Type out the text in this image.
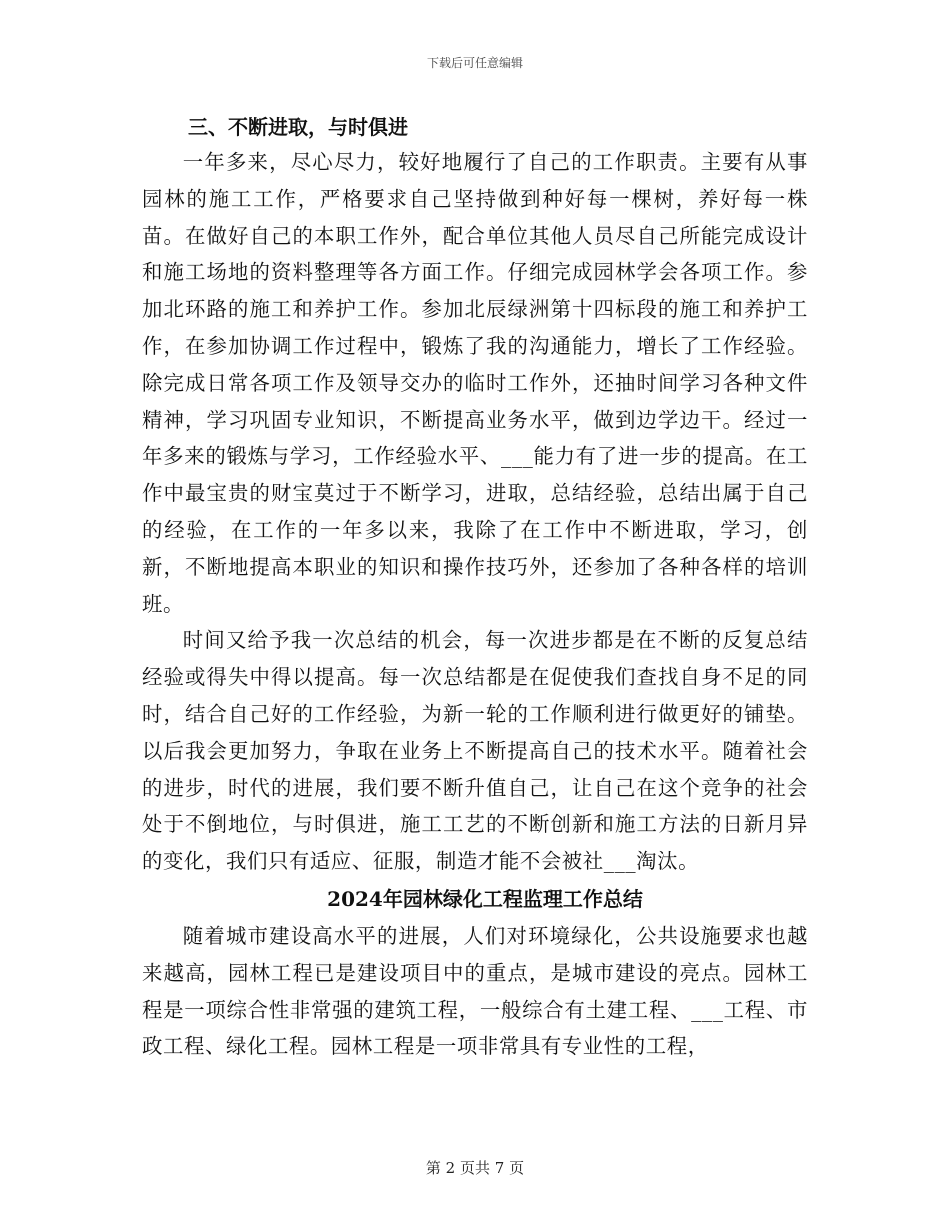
下载后可任意编辑

三、不断进取，与时俱进

一年多来，尽心尽力，较好地履行了自己的工作职责。主要有从事园林的施工工作，严格要求自己坚持做到种好每一棵树，养好每一株苗。在做好自己的本职工作外，配合单位其他人员尽自己所能完成设计和施工场地的资料整理等各方面工作。仔细完成园林学会各项工作。参加北环路的施工和养护工作。参加北辰绿洲第十四标段的施工和养护工作，在参加协调工作过程中，锻炼了我的沟通能力，增长了工作经验。除完成日常各项工作及领导交办的临时工作外，还抽时间学习各种文件精神，学习巩固专业知识，不断提高业务水平，做到边学边干。经过一年多来的锻炼与学习，工作经验水平、___能力有了进一步的提高。在工作中最宝贵的财宝莫过于不断学习，进取，总结经验，总结出属于自己的经验，在工作的一年多以来，我除了在工作中不断进取，学习，创新，不断地提高本职业的知识和操作技巧外，还参加了各种各样的培训班。

时间又给予我一次总结的机会，每一次进步都是在不断的反复总结经验或得失中得以提高。每一次总结都是在促使我们查找自身不足的同时，结合自己好的工作经验，为新一轮的工作顺利进行做更好的铺垫。以后我会更加努力，争取在业务上不断提高自己的技术水平。随着社会的进步，时代的进展，我们要不断升值自己，让自己在这个竞争的社会处于不倒地位，与时俱进，施工工艺的不断创新和施工方法的日新月异的变化，我们只有适应、征服，制造才能不会被社___淘汰。

2024年园林绿化工程监理工作总结

随着城市建设高水平的进展，人们对环境绿化，公共设施要求也越来越高，园林工程已是建设项目中的重点，是城市建设的亮点。园林工程是一项综合性非常强的建筑工程，一般综合有土建工程、___工程、市政工程、绿化工程。园林工程是一项非常具有专业性的工程，

第 2 页共 7 页
